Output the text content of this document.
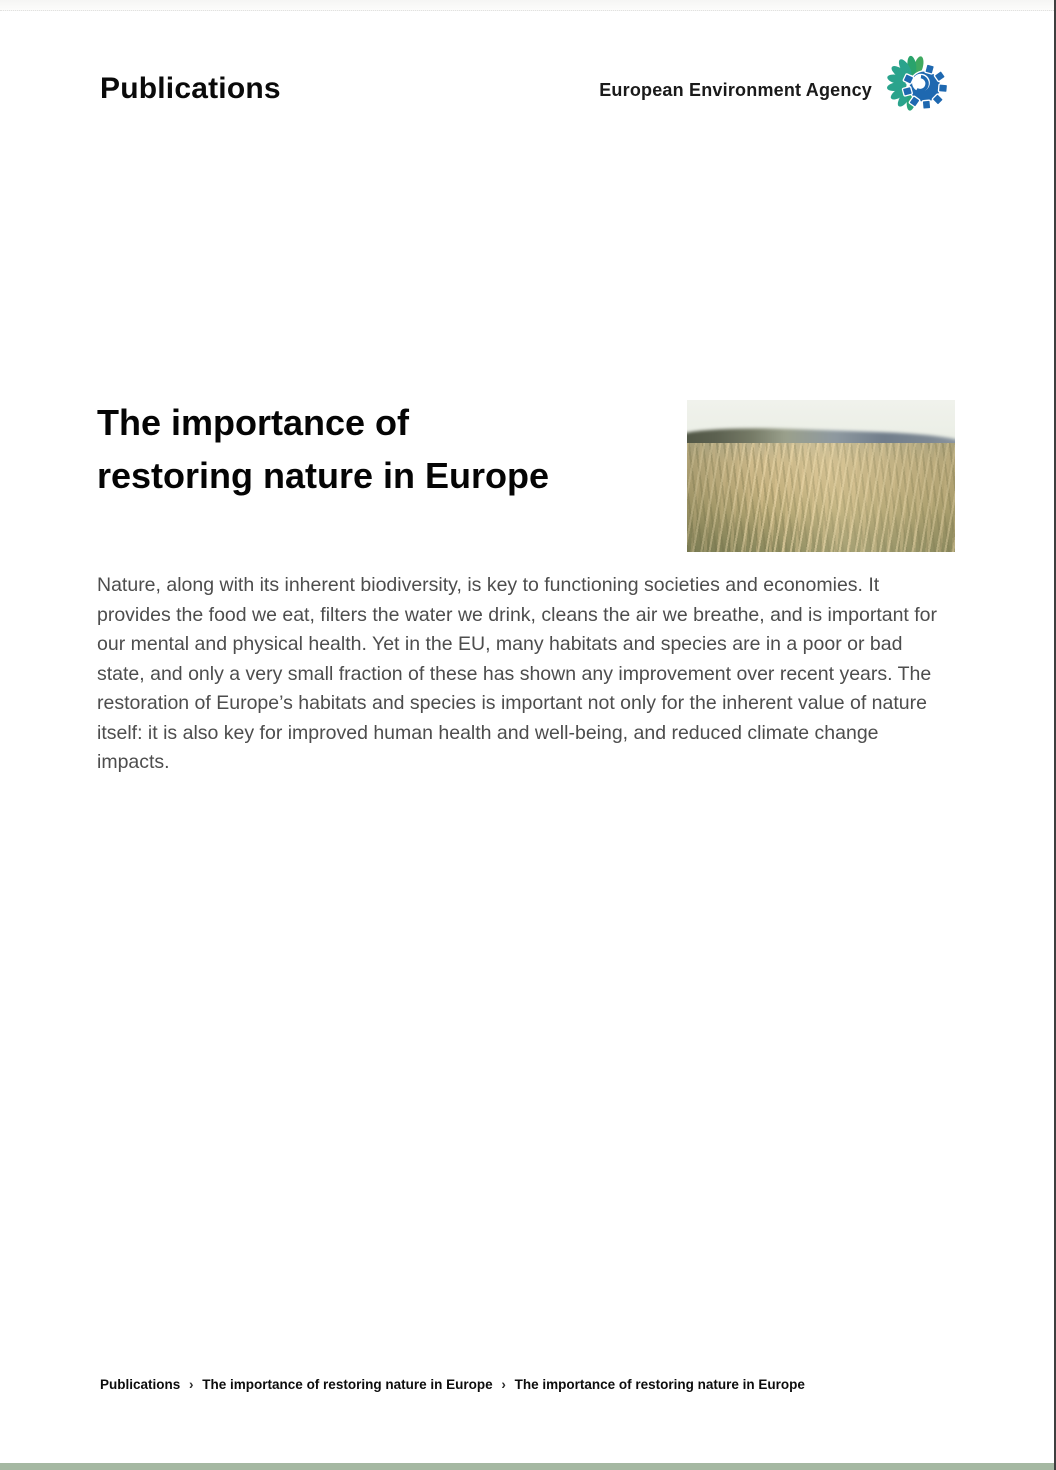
Publications	European Environment Agency
The importance of
restoring nature in Europe

Nature, along with its inherent biodiversity, is key to functioning societies and economies. It provides the food we eat, filters the water we drink, cleans the air we breathe, and is important for our mental and physical health. Yet in the EU, many habitats and species are in a poor or bad state, and only a very small fraction of these has shown any improvement over recent years. The restoration of Europe’s habitats and species is important not only for the inherent value of nature itself: it is also key for improved human health and well-being, and reduced climate change impacts.

Publications › The importance of restoring nature in Europe › The importance of restoring nature in Europe
